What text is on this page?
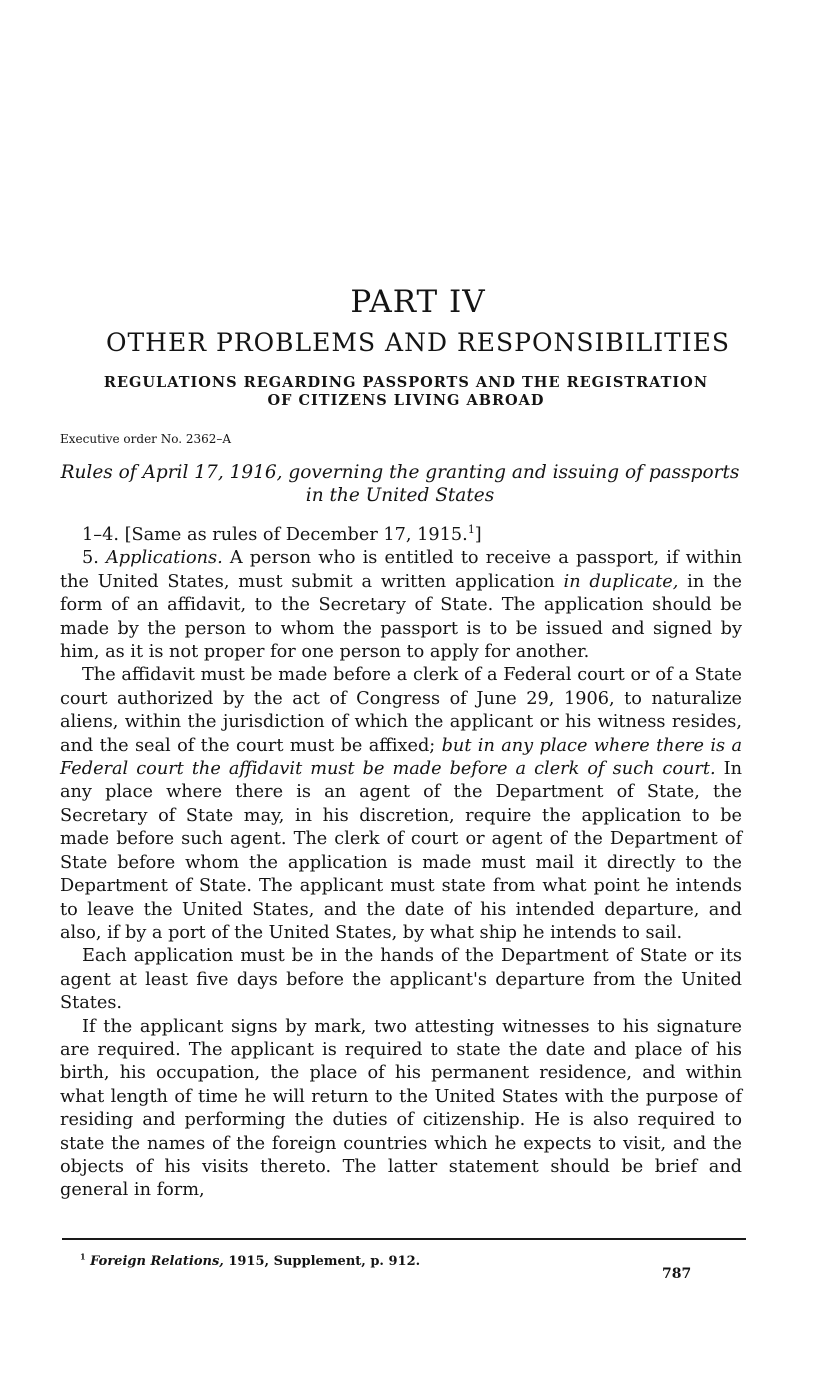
PART IV
OTHER PROBLEMS AND RESPONSIBILITIES
REGULATIONS REGARDING PASSPORTS AND THE REGISTRATION
OF CITIZENS LIVING ABROAD

Executive order No. 2362–A

Rules of April 17, 1916, governing the granting and issuing of passports in the United States

1–4. [Same as rules of December 17, 1915.$^1$]

5. Applications. A person who is entitled to receive a passport, if within the United States, must submit a written application in duplicate, in the form of an affidavit, to the Secretary of State. The application should be made by the person to whom the passport is to be issued and signed by him, as it is not proper for one person to apply for another.

The affidavit must be made before a clerk of a Federal court or of a State court authorized by the act of Congress of June 29, 1906, to naturalize aliens, within the jurisdiction of which the applicant or his witness resides, and the seal of the court must be affixed; but in any place where there is a Federal court the affidavit must be made before a clerk of such court. In any place where there is an agent of the Department of State, the Secretary of State may, in his discretion, require the application to be made before such agent. The clerk of court or agent of the Department of State before whom the application is made must mail it directly to the Department of State. The applicant must state from what point he intends to leave the United States, and the date of his intended departure, and also, if by a port of the United States, by what ship he intends to sail.

Each application must be in the hands of the Department of State or its agent at least five days before the applicant's departure from the United States.

If the applicant signs by mark, two attesting witnesses to his signature are required. The applicant is required to state the date and place of his birth, his occupation, the place of his permanent residence, and within what length of time he will return to the United States with the purpose of residing and performing the duties of citizenship. He is also required to state the names of the foreign countries which he expects to visit, and the objects of his visits thereto. The latter statement should be brief and general in form,

$^1$ Foreign Relations, 1915, Supplement, p. 912.
787
